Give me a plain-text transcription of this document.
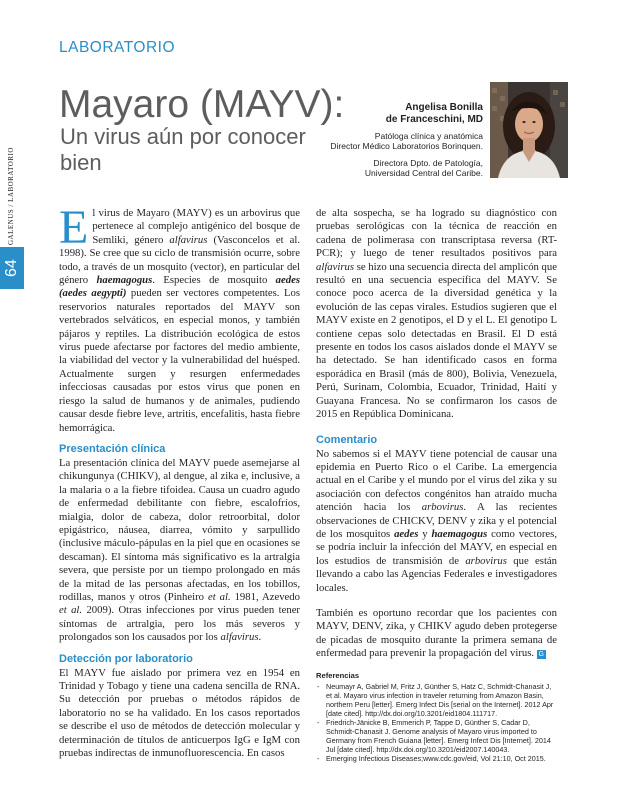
LABORATORIO
Mayaro (MAYV):
Un virus aún por conocer bien
Angelisa Bonilla
de Franceschini, MD
Patóloga clínica y anatómica
Director Médico Laboratorios Borinquen.
Directora Dpto. de Patología,
Universidad Central del Caribe.
GALENUS / LABORATORIO
64

El virus de Mayaro (MAYV) es un arbovirus que pertenece al complejo antigénico del bosque de Semliki, género alfavirus (Vasconcelos et al. 1998). Se cree que su ciclo de transmisión ocurre, sobre todo, a través de un mosquito (vector), en particular del género haemagogus. Especies de mosquito aedes (aedes aegypti) pueden ser vectores competentes. Los reservorios naturales reportados del MAYV son vertebrados selváticos, en especial monos, y también pájaros y reptiles. La distribución ecológica de estos virus puede afectarse por factores del medio ambiente, la viabilidad del vector y la vulnerabilidad del huésped. Actualmente surgen y resurgen enfermedades infecciosas causadas por estos virus que ponen en riesgo la salud de humanos y de animales, pudiendo causar desde fiebre leve, artritis, encefalitis, hasta fiebre hemorrágica.

Presentación clínica

La presentación clínica del MAYV puede asemejarse al chikungunya (CHIKV), al dengue, al zika e, inclusive, a la malaria o a la fiebre tifoidea. Causa un cuadro agudo de enfermedad debilitante con fiebre, escalofríos, mialgia, dolor de cabeza, dolor retroorbital, dolor epigástrico, náusea, diarrea, vómito y sarpullido (inclusive máculo-pápulas en la piel que en ocasiones se descaman). El síntoma más significativo es la artralgia severa, que persiste por un tiempo prolongado en más de la mitad de las personas afectadas, en los tobillos, rodillas, manos y otros (Pinheiro et al. 1981, Azevedo et al. 2009). Otras infecciones por virus pueden tener síntomas de artralgia, pero los más severos y prolongados son los causados por los alfavirus.

Detección por laboratorio

El MAYV fue aislado por primera vez en 1954 en Trinidad y Tobago y tiene una cadena sencilla de RNA. Su detección por pruebas o métodos rápidos de laboratorio no se ha validado. En los casos reportados se describe el uso de métodos de detección molecular y determinación de títulos de anticuerpos IgG e IgM con pruebas indirectas de inmunofluorescencia. En casos

de alta sospecha, se ha logrado su diagnóstico con pruebas serológicas con la técnica de reacción en cadena de polimerasa con transcriptasa reversa (RT-PCR); y luego de tener resultados positivos para alfavirus se hizo una secuencia directa del amplicón que resultó en una secuencia específica del MAYV. Se conoce poco acerca de la diversidad genética y la evolución de las cepas virales. Estudios sugieren que el MAYV existe en 2 genotipos, el D y el L. El genotipo L contiene cepas solo detectadas en Brasil. El D está presente en todos los casos aislados donde el MAYV se ha detectado. Se han identificado casos en forma esporádica en Brasil (más de 800), Bolivia, Venezuela, Perú, Surinam, Colombia, Ecuador, Trinidad, Haití y Guayana Francesa. No se confirmaron los casos de 2015 en República Dominicana.

Comentario

No sabemos si el MAYV tiene potencial de causar una epidemia en Puerto Rico o el Caribe. La emergencia actual en el Caribe y el mundo por el virus del zika y su asociación con defectos congénitos han atraído mucha atención hacia los arbovirus. A las recientes observaciones de CHICKV, DENV y zika y el potencial de los mosquitos aedes y haemagogus como vectores, se podría incluir la infección del MAYV, en especial en los estudios de transmisión de arbovirus que están llevando a cabo las Agencias Federales e investigadores locales.

También es oportuno recordar que los pacientes con MAYV, DENV, zika, y CHIKV agudo deben protegerse de picadas de mosquito durante la primera semana de enfermedad para prevenir la propagación del virus. G

Referencias
- Neumayr A, Gabriel M, Fritz J, Günther S, Hatz C, Schmidt-Chanasit J, et al. Mayaro virus infection in traveler returning from Amazon Basin, northern Peru [letter]. Emerg Infect Dis [serial on the Internet]. 2012 Apr [date cited]. http://dx.doi.org/10.3201/eid1804.111717.
- Friedrich-Jänicke B, Emmerich P, Tappe D, Günther S, Cadar D, Schmidt-Chanasit J. Genome analysis of Mayaro virus imported to Germany from French Guiana [letter]. Emerg Infect Dis [Internet]. 2014 Jul [date cited]. http://dx.doi.org/10.3201/eid2007.140043.
- Emerging Infectious Diseases;www.cdc.gov/eid, Vol 21:10, Oct 2015.
